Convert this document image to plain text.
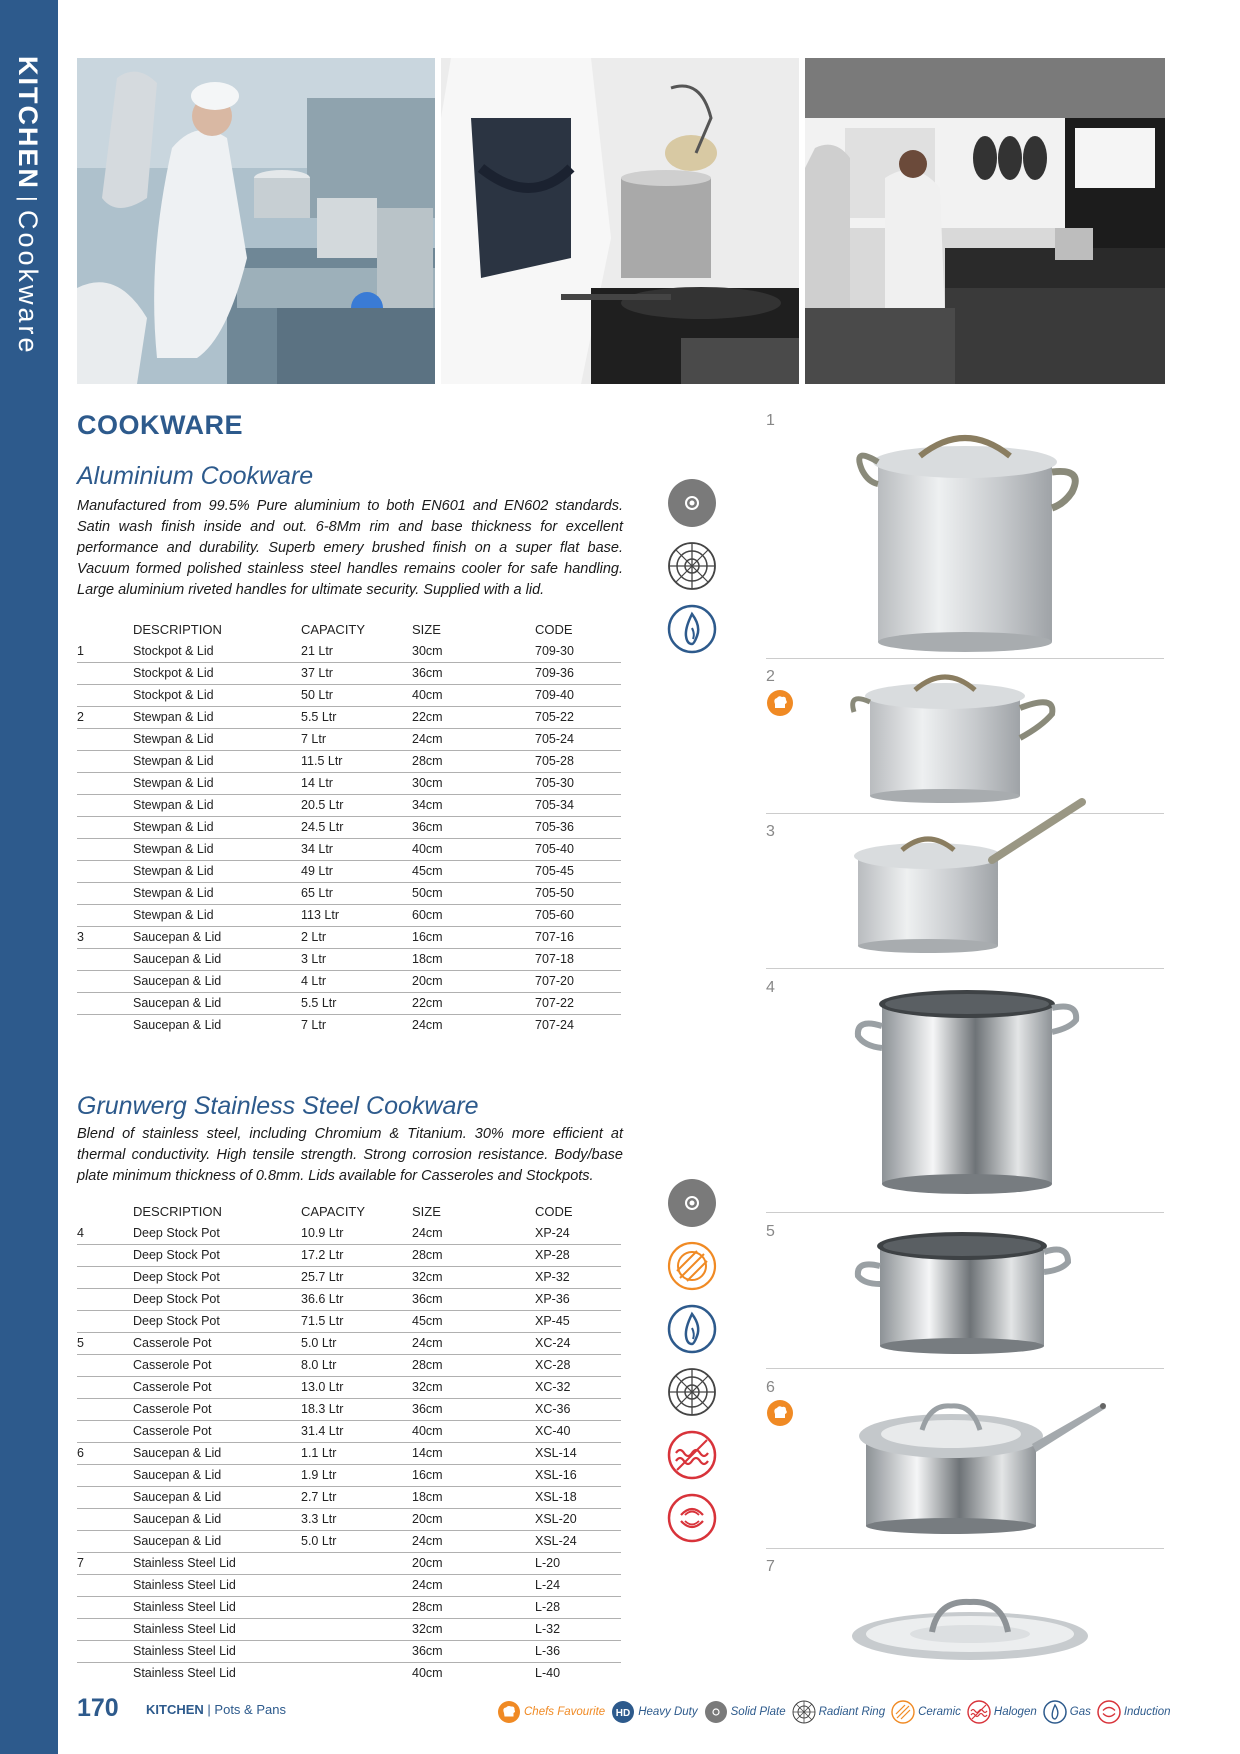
KITCHEN
|
Cookware
COOKWARE
Aluminium Cookware
Manufactured from 99.5% Pure aluminium to both EN601 and EN602 standards. Satin wash finish inside and out. 6-8Mm rim and base thickness for excellent performance and durability. Superb emery brushed finish on a super flat base. Vacuum formed polished stainless steel handles remains cooler for safe handling. Large aluminium riveted handles for ultimate security. Supplied with a lid.
	DESCRIPTION	CAPACITY	SIZE	CODE
1	Stockpot & Lid	21 Ltr	30cm	709-30
	Stockpot & Lid	37 Ltr	36cm	709-36
	Stockpot & Lid	50 Ltr	40cm	709-40
2	Stewpan & Lid	5.5 Ltr	22cm	705-22
	Stewpan & Lid	7 Ltr	24cm	705-24
	Stewpan & Lid	11.5 Ltr	28cm	705-28
	Stewpan & Lid	14 Ltr	30cm	705-30
	Stewpan & Lid	20.5 Ltr	34cm	705-34
	Stewpan & Lid	24.5 Ltr	36cm	705-36
	Stewpan & Lid	34 Ltr	40cm	705-40
	Stewpan & Lid	49 Ltr	45cm	705-45
	Stewpan & Lid	65 Ltr	50cm	705-50
	Stewpan & Lid	113 Ltr	60cm	705-60
3	Saucepan & Lid	2 Ltr	16cm	707-16
	Saucepan & Lid	3 Ltr	18cm	707-18
	Saucepan & Lid	4 Ltr	20cm	707-20
	Saucepan & Lid	5.5 Ltr	22cm	707-22
	Saucepan & Lid	7 Ltr	24cm	707-24
Grunwerg Stainless Steel Cookware
Blend of stainless steel, including Chromium & Titanium. 30% more efficient at thermal conductivity. High tensile strength. Strong corrosion resistance. Body/base plate minimum thickness of 0.8mm. Lids available for Casseroles and Stockpots.
	DESCRIPTION	CAPACITY	SIZE	CODE
4	Deep Stock Pot	10.9 Ltr	24cm	XP-24
	Deep Stock Pot	17.2 Ltr	28cm	XP-28
	Deep Stock Pot	25.7 Ltr	32cm	XP-32
	Deep Stock Pot	36.6 Ltr	36cm	XP-36
	Deep Stock Pot	71.5 Ltr	45cm	XP-45
5	Casserole Pot	5.0 Ltr	24cm	XC-24
	Casserole Pot	8.0 Ltr	28cm	XC-28
	Casserole Pot	13.0 Ltr	32cm	XC-32
	Casserole Pot	18.3 Ltr	36cm	XC-36
	Casserole Pot	31.4 Ltr	40cm	XC-40
6	Saucepan & Lid	1.1 Ltr	14cm	XSL-14
	Saucepan & Lid	1.9 Ltr	16cm	XSL-16
	Saucepan & Lid	2.7 Ltr	18cm	XSL-18
	Saucepan & Lid	3.3 Ltr	20cm	XSL-20
	Saucepan & Lid	5.0 Ltr	24cm	XSL-24
7	Stainless Steel Lid		20cm	L-20
	Stainless Steel Lid		24cm	L-24
	Stainless Steel Lid		28cm	L-28
	Stainless Steel Lid		32cm	L-32
	Stainless Steel Lid		36cm	L-36
	Stainless Steel Lid		40cm	L-40
1
2
3
4
5
6
7
170 KITCHEN | Pots & Pans	Chefs Favourite HD Heavy Duty	Solid Plate	Radiant Ring	Ceramic	Halogen	Gas	Induction
